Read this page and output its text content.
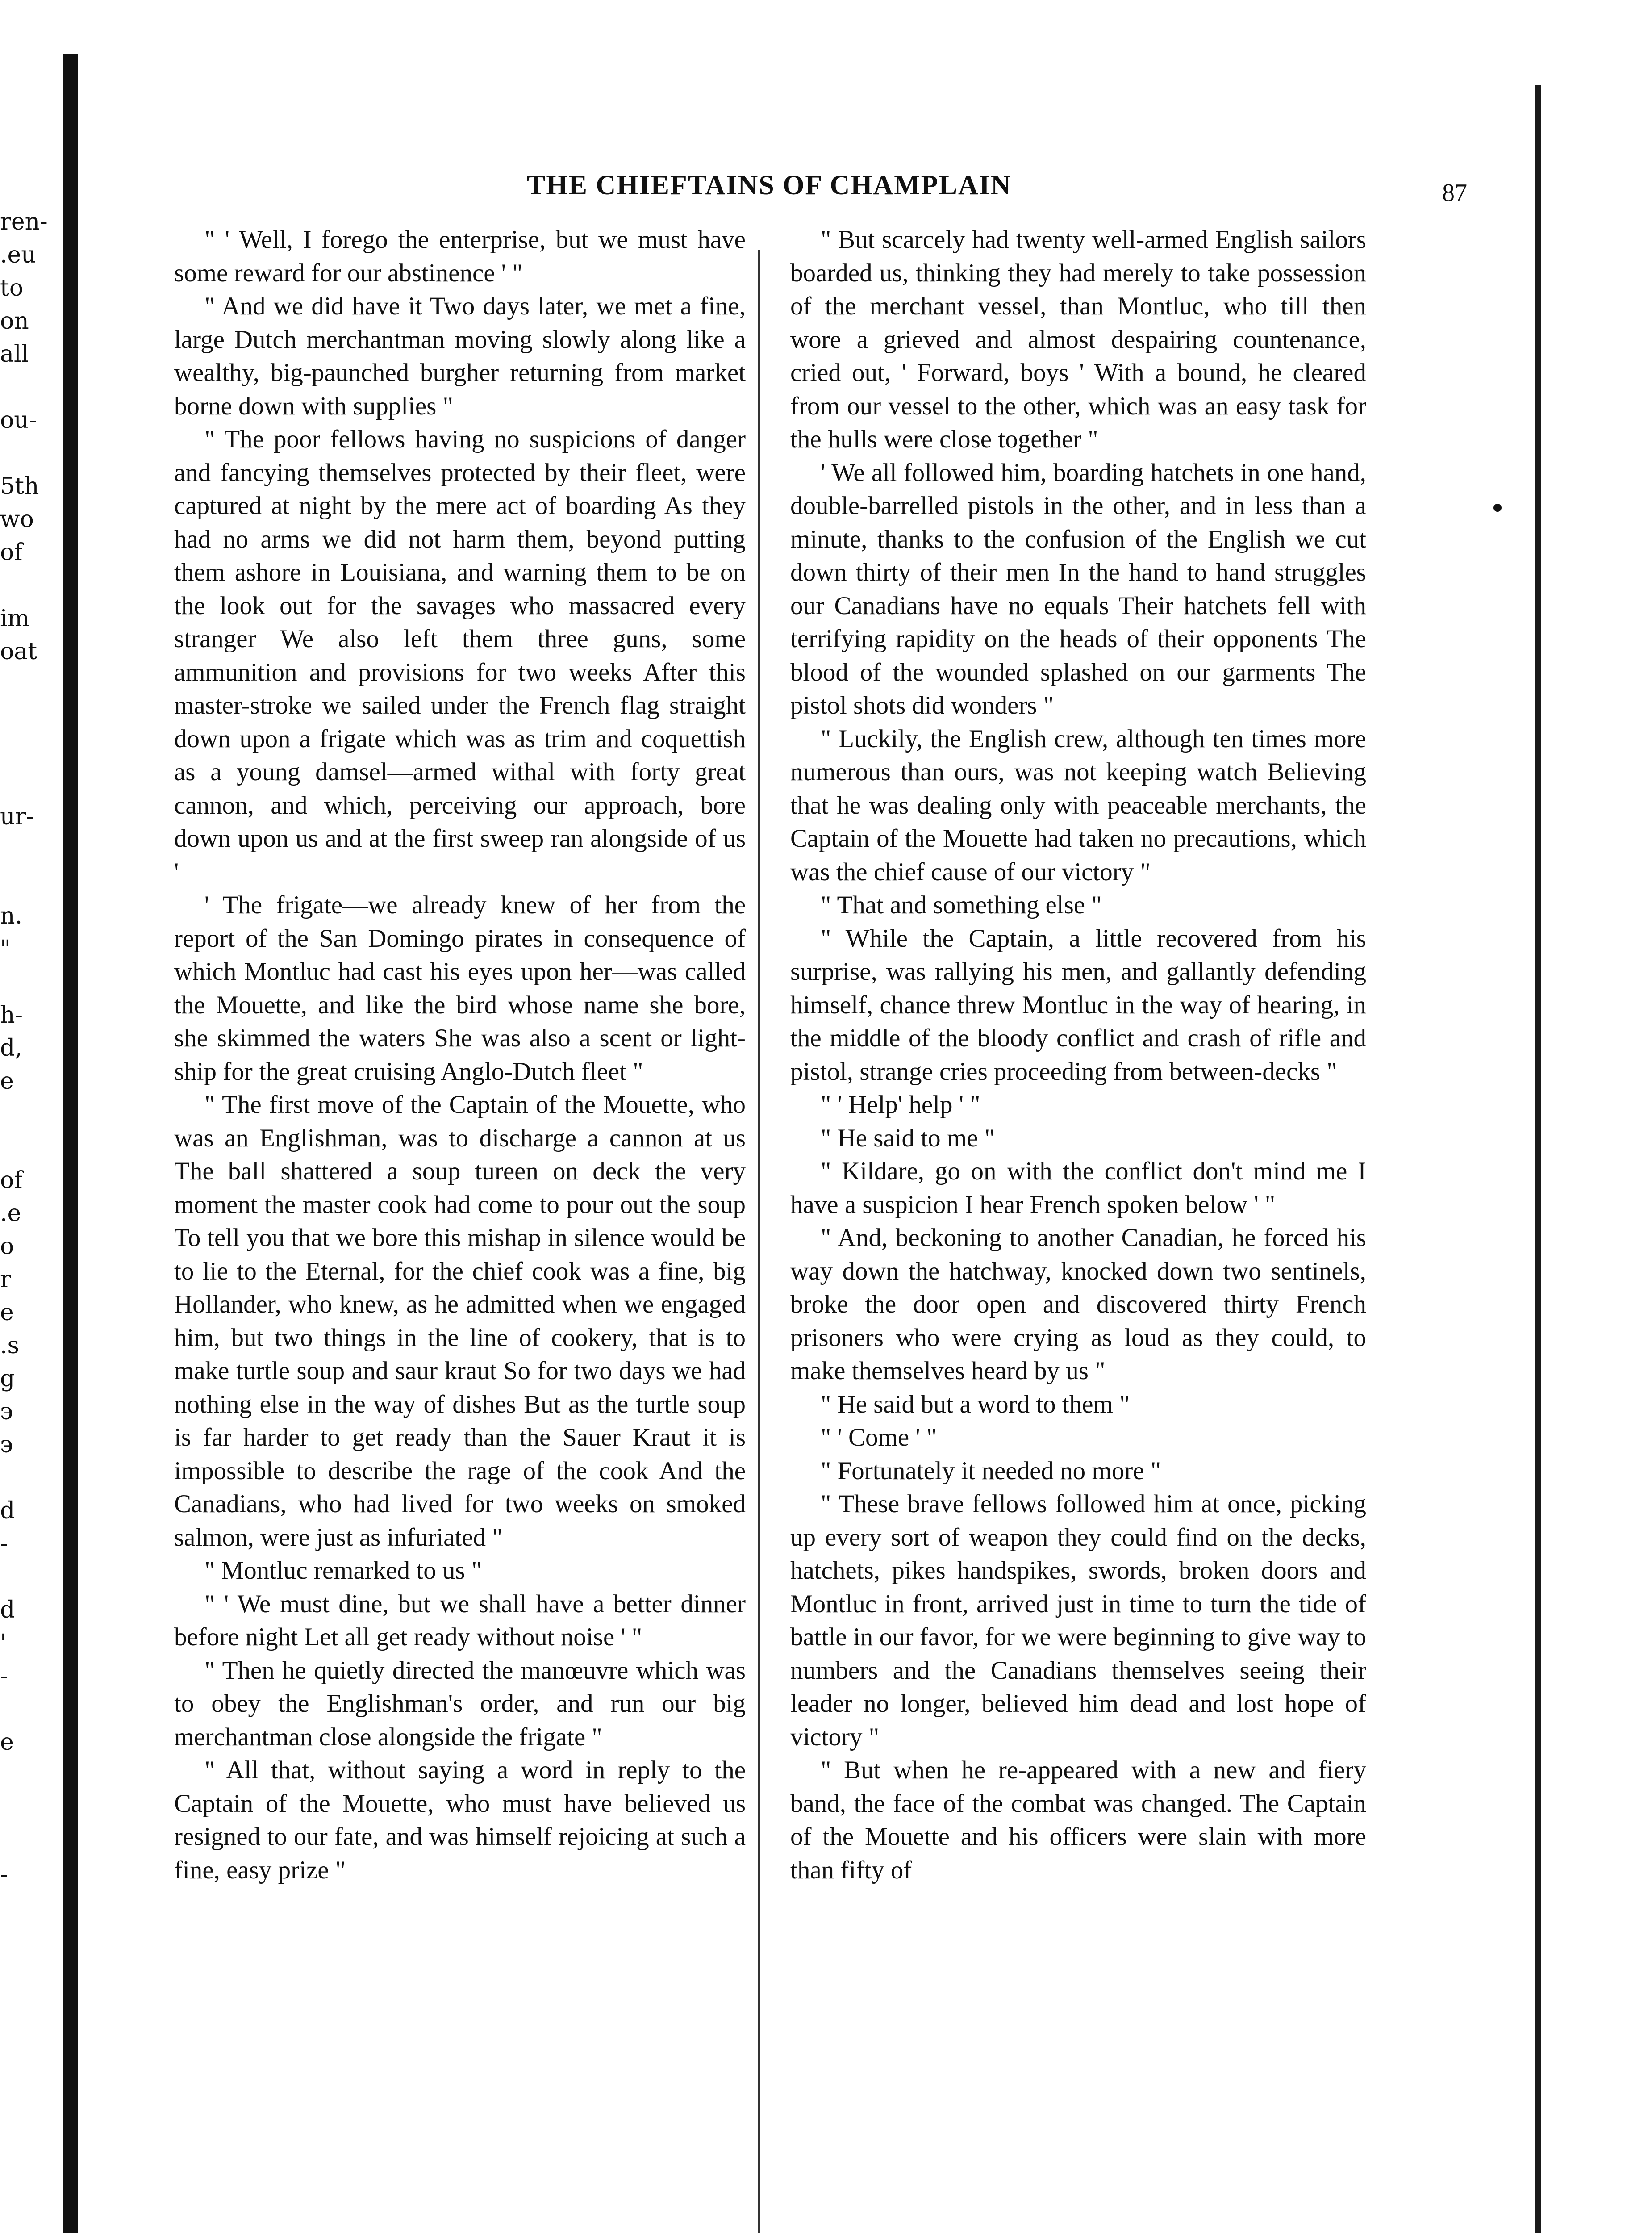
ren-
.eu
to
on
all
ou-
5th
wo
of
im
oat
ur-
n.
"
h-
d,
e
of
.e
o
r
e
.s
g
э
э
d
-
d
'
-
e
-
THE CHIEFTAINS OF CHAMPLAIN	87

" ' Well, I forego the enterprise, but we must have some reward for our abstinence ' "

" And we did have it Two days later, we met a fine, large Dutch merchantman moving slowly along like a wealthy, big-paunched burgher returning from market borne down with supplies "

" The poor fellows having no suspicions of danger and fancying themselves protected by their fleet, were captured at night by the mere act of boarding As they had no arms we did not harm them, beyond putting them ashore in Louisiana, and warning them to be on the look out for the savages who massacred every stranger We also left them three guns, some ammunition and provisions for two weeks After this master-stroke we sailed under the French flag straight down upon a frigate which was as trim and coquettish as a young damsel—armed withal with forty great cannon, and which, perceiving our approach, bore down upon us and at the first sweep ran alongside of us '

' The frigate—we already knew of her from the report of the San Domingo pirates in consequence of which Montluc had cast his eyes upon her—was called the Mouette, and like the bird whose name she bore, she skimmed the waters She was also a scent or light-ship for the great cruising Anglo-Dutch fleet "

" The first move of the Captain of the Mouette, who was an Englishman, was to discharge a cannon at us The ball shattered a soup tureen on deck the very moment the master cook had come to pour out the soup To tell you that we bore this mishap in silence would be to lie to the Eternal, for the chief cook was a fine, big Hollander, who knew, as he admitted when we engaged him, but two things in the line of cookery, that is to make turtle soup and saur kraut So for two days we had nothing else in the way of dishes But as the turtle soup is far harder to get ready than the Sauer Kraut it is impossible to describe the rage of the cook And the Canadians, who had lived for two weeks on smoked salmon, were just as infuriated "

" Montluc remarked to us "

" ' We must dine, but we shall have a better dinner before night Let all get ready without noise ' "

" Then he quietly directed the manœuvre which was to obey the Englishman's order, and run our big merchantman close alongside the frigate "

" All that, without saying a word in reply to the Captain of the Mouette, who must have believed us resigned to our fate, and was himself rejoicing at such a fine, easy prize "

" But scarcely had twenty well-armed English sailors boarded us, thinking they had merely to take possession of the merchant vessel, than Montluc, who till then wore a grieved and almost despairing countenance, cried out, ' Forward, boys ' With a bound, he cleared from our vessel to the other, which was an easy task for the hulls were close together "

' We all followed him, boarding hatchets in one hand, double-barrelled pistols in the other, and in less than a minute, thanks to the confusion of the English we cut down thirty of their men In the hand to hand struggles our Canadians have no equals Their hatchets fell with terrifying rapidity on the heads of their opponents The blood of the wounded splashed on our garments The pistol shots did wonders "

" Luckily, the English crew, although ten times more numerous than ours, was not keeping watch Believing that he was dealing only with peaceable merchants, the Captain of the Mouette had taken no precautions, which was the chief cause of our victory "

" That and something else "

" While the Captain, a little recovered from his surprise, was rallying his men, and gallantly defending himself, chance threw Montluc in the way of hearing, in the middle of the bloody conflict and crash of rifle and pistol, strange cries proceeding from between-decks "

" ' Help' help ' "

" He said to me "

" Kildare, go on with the conflict don't mind me I have a suspicion I hear French spoken below ' "

" And, beckoning to another Canadian, he forced his way down the hatchway, knocked down two sentinels, broke the door open and discovered thirty French prisoners who were crying as loud as they could, to make themselves heard by us "

" He said but a word to them "

" ' Come ' "

" Fortunately it needed no more "

" These brave fellows followed him at once, picking up every sort of weapon they could find on the decks, hatchets, pikes handspikes, swords, broken doors and Montluc in front, arrived just in time to turn the tide of battle in our favor, for we were beginning to give way to numbers and the Canadians themselves seeing their leader no longer, believed him dead and lost hope of victory "

" But when he re-appeared with a new and fiery band, the face of the combat was changed. The Captain of the Mouette and his officers were slain with more than fifty of
